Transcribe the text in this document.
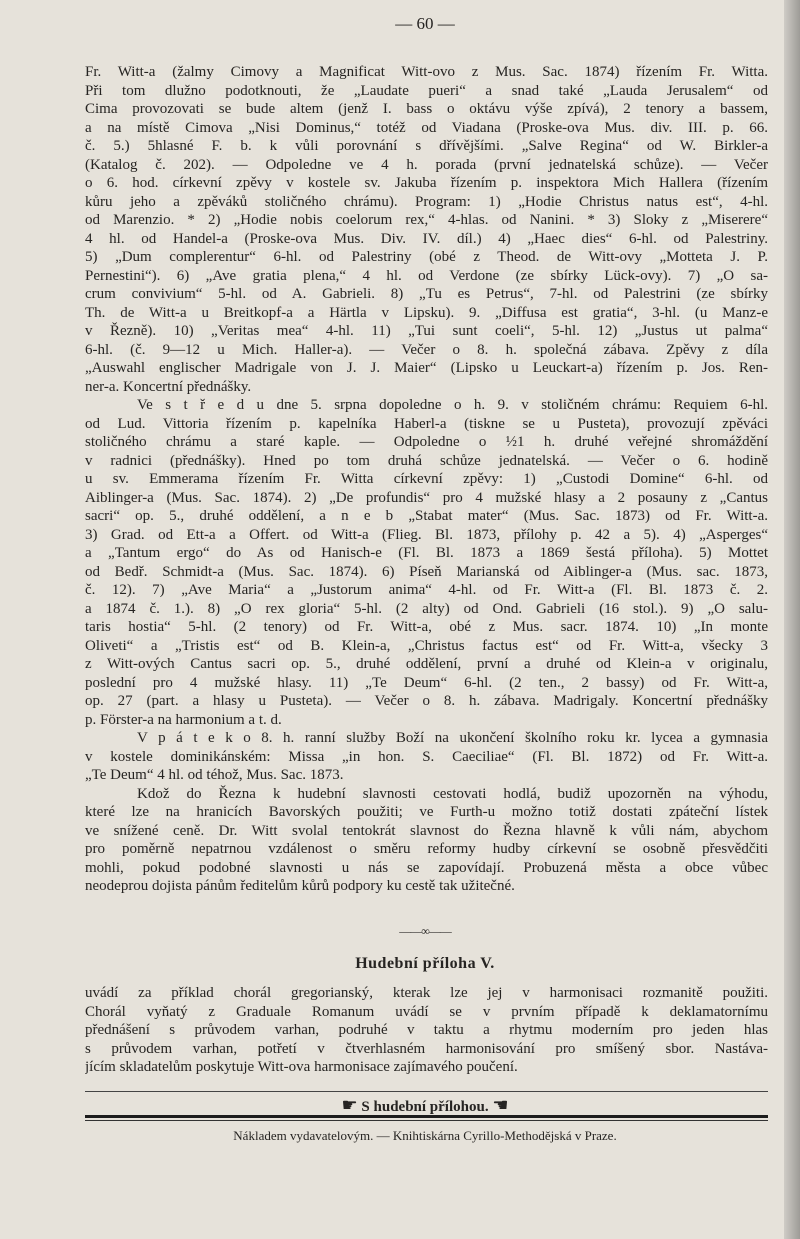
— 60 —
Fr. Witt-a (žalmy Cimovy a Magnificat Witt-ovo z Mus. Sac. 1874) řízením Fr. Witta.
Při tom dlužno podotknouti, že „Laudate pueri“ a snad také „Lauda Jerusalem“ od
Cima provozovati se bude altem (jenž I. bass o oktávu výše zpívá), 2 tenory a bassem,
a na místě Cimova „Nisi Dominus,“ totéž od Viadana (Proske-ova Mus. div. III. p. 66.
č. 5.) 5hlasné F. b. k vůli porovnání s dřívějšími. „Salve Regina“ od W. Birkler-a
(Katalog č. 202). — Odpoledne ve 4 h. porada (první jednatelská schůze). — Večer
o 6. hod. církevní zpěvy v kostele sv. Jakuba řízením p. inspektora Mich Hallera (řízením
kůru jeho a zpěváků stoličného chrámu). Program: 1) „Hodie Christus natus est“, 4-hl.
od Marenzio. * 2) „Hodie nobis coelorum rex,“ 4-hlas. od Nanini. * 3) Sloky z „Miserere“
4 hl. od Handel-a (Proske-ova Mus. Div. IV. díl.) 4) „Haec dies“ 6-hl. od Palestriny.
5) „Dum complerentur“ 6-hl. od Palestriny (obé z Theod. de Witt-ovy „Motteta J. P.
Pernestini“). 6) „Ave gratia plena,“ 4 hl. od Verdone (ze sbírky Lück-ovy). 7) „O sa-
crum convivium“ 5-hl. od A. Gabrieli. 8) „Tu es Petrus“, 7-hl. od Palestrini (ze sbírky
Th. de Witt-a u Breitkopf-a a Härtla v Lipsku). 9. „Diffusa est gratia“, 3-hl. (u Manz-e
v Řezně). 10) „Veritas mea“ 4-hl. 11) „Tui sunt coeli“, 5-hl. 12) „Justus ut palma“
6-hl. (č. 9—12 u Mich. Haller-a). — Večer o 8. h. společná zábava. Zpěvy z díla
„Auswahl englischer Madrigale von J. J. Maier“ (Lipsko u Leuckart-a) řízením p. Jos. Ren-
ner-a. Koncertní přednášky.
Ve s t ř e d u dne 5. srpna dopoledne o h. 9. v stoličném chrámu: Requiem 6-hl.
od Lud. Vittoria řízením p. kapelníka Haberl-a (tiskne se u Pusteta), provozují zpěváci
stoličného chrámu a staré kaple. — Odpoledne o ½1 h. druhé veřejné shromáždění
v radnici (přednášky). Hned po tom druhá schůze jednatelská. — Večer o 6. hodině
u sv. Emmerama řízením Fr. Witta církevní zpěvy: 1) „Custodi Domine“ 6-hl. od
Aiblinger-a (Mus. Sac. 1874). 2) „De profundis“ pro 4 mužské hlasy a 2 posauny z „Cantus
sacri“ op. 5., druhé oddělení, a n e b „Stabat mater“ (Mus. Sac. 1873) od Fr. Witt-a.
3) Grad. od Ett-a a Offert. od Witt-a (Flieg. Bl. 1873, přílohy p. 42 a 5). 4) „Asperges“
a „Tantum ergo“ do As od Hanisch-e (Fl. Bl. 1873 a 1869 šestá příloha). 5) Mottet
od Bedř. Schmidt-a (Mus. Sac. 1874). 6) Píseň Marianská od Aiblinger-a (Mus. sac. 1873,
č. 12). 7) „Ave Maria“ a „Justorum anima“ 4-hl. od Fr. Witt-a (Fl. Bl. 1873 č. 2.
a 1874 č. 1.). 8) „O rex gloria“ 5-hl. (2 alty) od Ond. Gabrieli (16 stol.). 9) „O salu-
taris hostia“ 5-hl. (2 tenory) od Fr. Witt-a, obé z Mus. sacr. 1874. 10) „In monte
Oliveti“ a „Tristis est“ od B. Klein-a, „Christus factus est“ od Fr. Witt-a, všecky 3
z Witt-ových Cantus sacri op. 5., druhé oddělení, první a druhé od Klein-a v originalu,
poslední pro 4 mužské hlasy. 11) „Te Deum“ 6-hl. (2 ten., 2 bassy) od Fr. Witt-a,
op. 27 (part. a hlasy u Pusteta). — Večer o 8. h. zábava. Madrigaly. Koncertní přednášky
p. Förster-a na harmonium a t. d.
V p á t e k o 8. h. ranní služby Boží na ukončení školního roku kr. lycea a gymnasia
v kostele dominikánském: Missa „in hon. S. Caeciliae“ (Fl. Bl. 1872) od Fr. Witt-a.
„Te Deum“ 4 hl. od téhož, Mus. Sac. 1873.
Kdož do Řezna k hudební slavnosti cestovati hodlá, budiž upozorněn na výhodu,
které lze na hranicích Bavorských použiti; ve Furth-u možno totiž dostati zpáteční lístek
ve snížené ceně. Dr. Witt svolal tentokrát slavnost do Řezna hlavně k vůli nám, abychom
pro poměrně nepatrnou vzdálenost o směru reformy hudby církevní se osobně přesvědčiti
mohli, pokud podobné slavnosti u nás se zapovídají. Probuzená města a obce vůbec
neodeprou dojista pánům ředitelům kůrů podpory ku cestě tak užitečné.
——∞——
Hudební příloha V.
uvádí za příklad chorál gregorianský, kterak lze jej v harmonisaci rozmanitě použiti.
Chorál vyňatý z Graduale Romanum uvádí se v prvním případě k deklamatornímu
přednášení s průvodem varhan, podruhé v taktu a rhytmu moderním pro jeden hlas
s průvodem varhan, potřetí v čtverhlasném harmonisování pro smíšený sbor. Nastáva-
jícím skladatelům poskytuje Witt-ova harmonisace zajímavého poučení.
☛ S hudební přílohou. ☚
Nákladem vydavatelovým. — Knihtiskárna Cyrillo-Methodějská v Praze.
